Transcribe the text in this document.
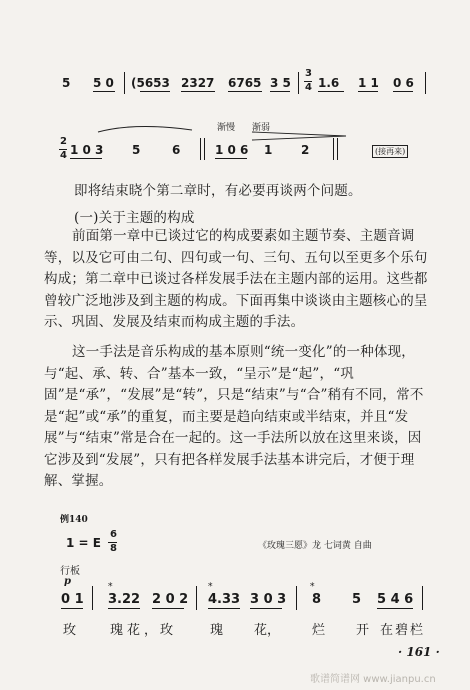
5 5 0 (5653 2327 6765 3 5
3
4 1.6 1 1 0 6
渐慢 渐弱
2
4 1 0 3 5	6	1 0 6 1 2	(接再来)
即将结束晓个第二章时，有必要再谈两个问题。
(一)关于主题的构成
前面第一章中已谈过它的构成要素如主题节奏、主题音调等，以及它可由二句、四句或一句、三句、五句以至更多个乐句构成；第二章中已谈过各样发展手法在主题内部的运用。这些都曾较广泛地涉及到主题的构成。下面再集中谈谈由主题核心的呈示、巩固、发展及结束而构成主题的手法。
这一手法是音乐构成的基本原则“统一变化”的一种体现，与“起、承、转、合”基本一致，“呈示”是“起”，“巩固”是“承”，“发展”是“转”，只是“结束”与“合”稍有不同，常不是“起”或“承”的重复，而主要是趋向结束或半结束，并且“发展”与“结束”常是合在一起的。这一手法所以放在这里来谈，因它涉及到“发展”，只有把各样发展手法基本讲完后，才便于理解、掌握。
例140
1 = E
6
8	《玫瑰三愿》龙 七词黄 自曲
行板
p
0 1
⁎
3.22 2 0 2
⁎
4.33 3 0 3
⁎
8 5 5 4 6
玫	瑰花，
玫	瑰 花， 烂 开 在碧栏
· 161 ·
歌谱简谱网 www.jianpu.cn
